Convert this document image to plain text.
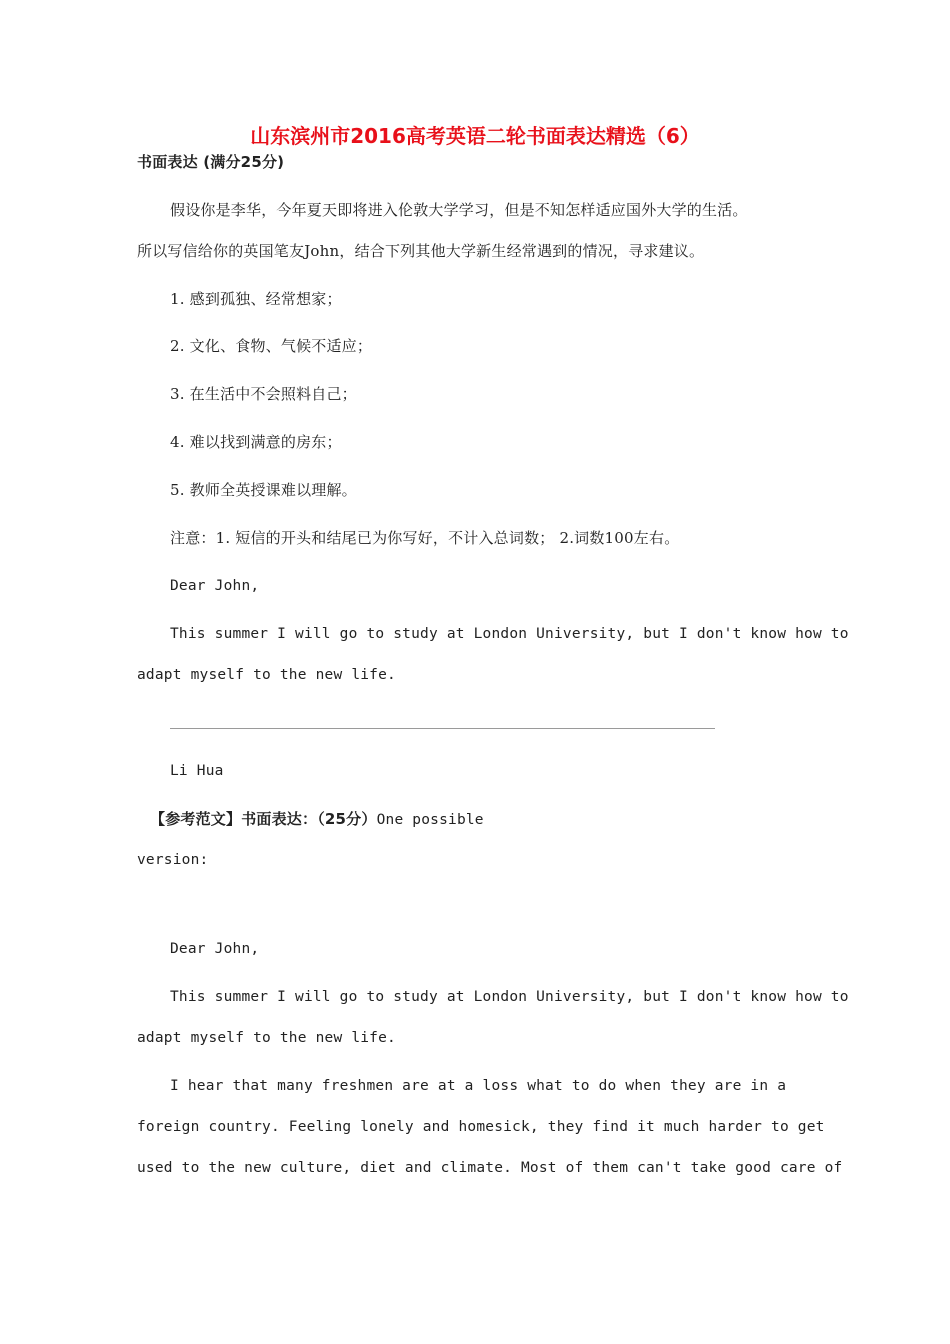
山东滨州市2016高考英语二轮书面表达精选（6）
书面表达 (满分25分)
假设你是李华，今年夏天即将进入伦敦大学学习，但是不知怎样适应国外大学的生活。
所以写信给你的英国笔友John，结合下列其他大学新生经常遇到的情况，寻求建议。
1. 感到孤独、经常想家；
2. 文化、食物、气候不适应；
3. 在生活中不会照料自己；
4. 难以找到满意的房东；
5. 教师全英授课难以理解。
注意：1. 短信的开头和结尾已为你写好，不计入总词数； 2.词数100左右。
Dear John,
This summer I will go to study at London University, but I don't know how to
adapt myself to the new life.
Li Hua
【参考范文】书面表达：（25分）One possible
version:
Dear John,
This summer I will go to study at London University, but I don't know how to
adapt myself to the new life.
I hear that many freshmen are at a loss what to do when they are in a
foreign country. Feeling lonely and homesick, they find it much harder to get
used to the new culture, diet and climate. Most of them can't take good care of
